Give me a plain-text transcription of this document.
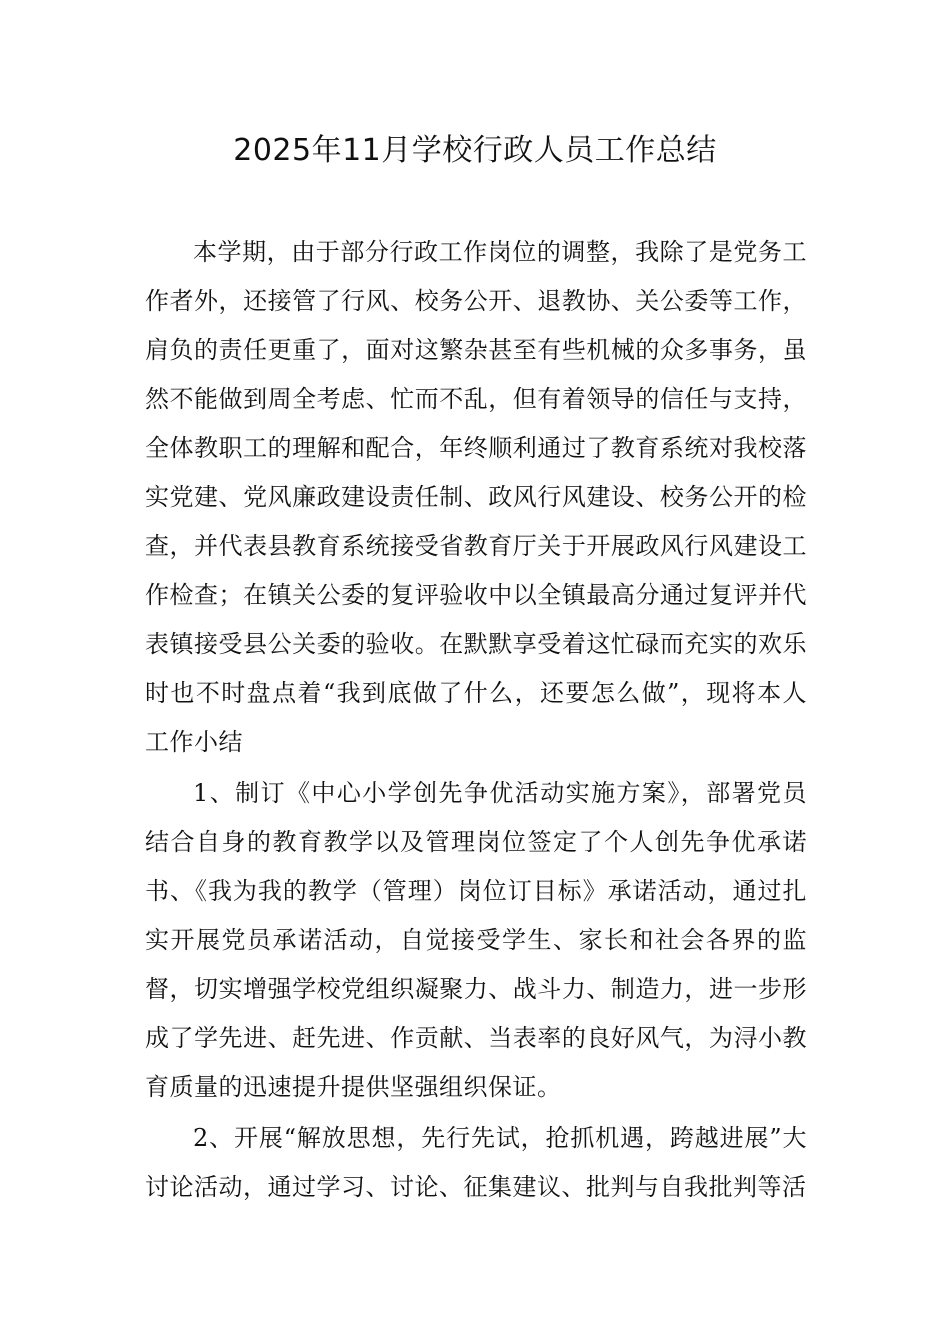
2025年11月学校行政人员工作总结

本学期，由于部分行政工作岗位的调整，我除了是党务工作者外，还接管了行风、校务公开、退教协、关公委等工作，肩负的责任更重了，面对这繁杂甚至有些机械的众多事务，虽然不能做到周全考虑、忙而不乱，但有着领导的信任与支持，全体教职工的理解和配合，年终顺利通过了教育系统对我校落实党建、党风廉政建设责任制、政风行风建设、校务公开的检查，并代表县教育系统接受省教育厅关于开展政风行风建设工作检查；在镇关公委的复评验收中以全镇最高分通过复评并代表镇接受县公关委的验收。在默默享受着这忙碌而充实的欢乐时也不时盘点着“我到底做了什么，还要怎么做”，现将本人工作小结

1、制订《中心小学创先争优活动实施方案》，部署党员结合自身的教育教学以及管理岗位签定了个人创先争优承诺书、《我为我的教学（管理）岗位订目标》承诺活动，通过扎实开展党员承诺活动，自觉接受学生、家长和社会各界的监督，切实增强学校党组织凝聚力、战斗力、制造力，进一步形成了学先进、赶先进、作贡献、当表率的良好风气，为浔小教育质量的迅速提升提供坚强组织保证。

2、开展“解放思想，先行先试，抢抓机遇，跨越进展”大讨论活动，通过学习、讨论、征集建议、批判与自我批判等活
